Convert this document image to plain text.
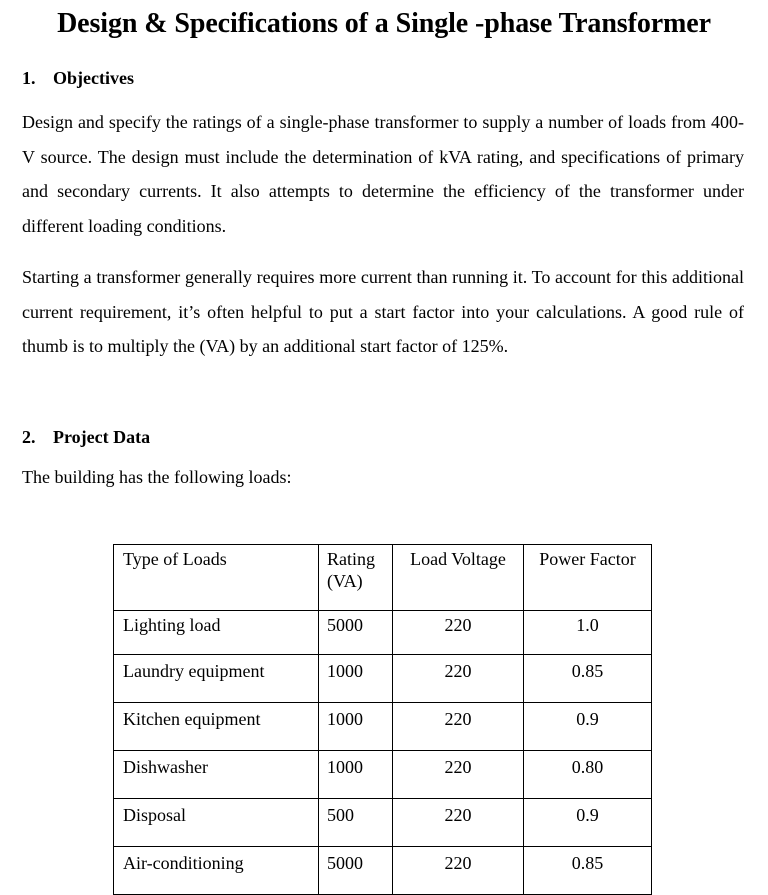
Design & Specifications of a Single -phase Transformer
1. Objectives
Design and specify the ratings of a single-phase transformer to supply a number of loads from 400-V source. The design must include the determination of kVA rating, and specifications of primary and secondary currents. It also attempts to determine the efficiency of the transformer under different loading conditions.
Starting a transformer generally requires more current than running it. To account for this additional current requirement, it’s often helpful to put a start factor into your calculations. A good rule of thumb is to multiply the (VA) by an additional start factor of 125%.
2. Project Data
The building has the following loads:
Type of Loads	Rating (VA)	Load Voltage	Power Factor
Lighting load	5000	220	1.0
Laundry equipment	1000	220	0.85
Kitchen equipment	1000	220	0.9
Dishwasher	1000	220	0.80
Disposal	500	220	0.9
Air-conditioning	5000	220	0.85
